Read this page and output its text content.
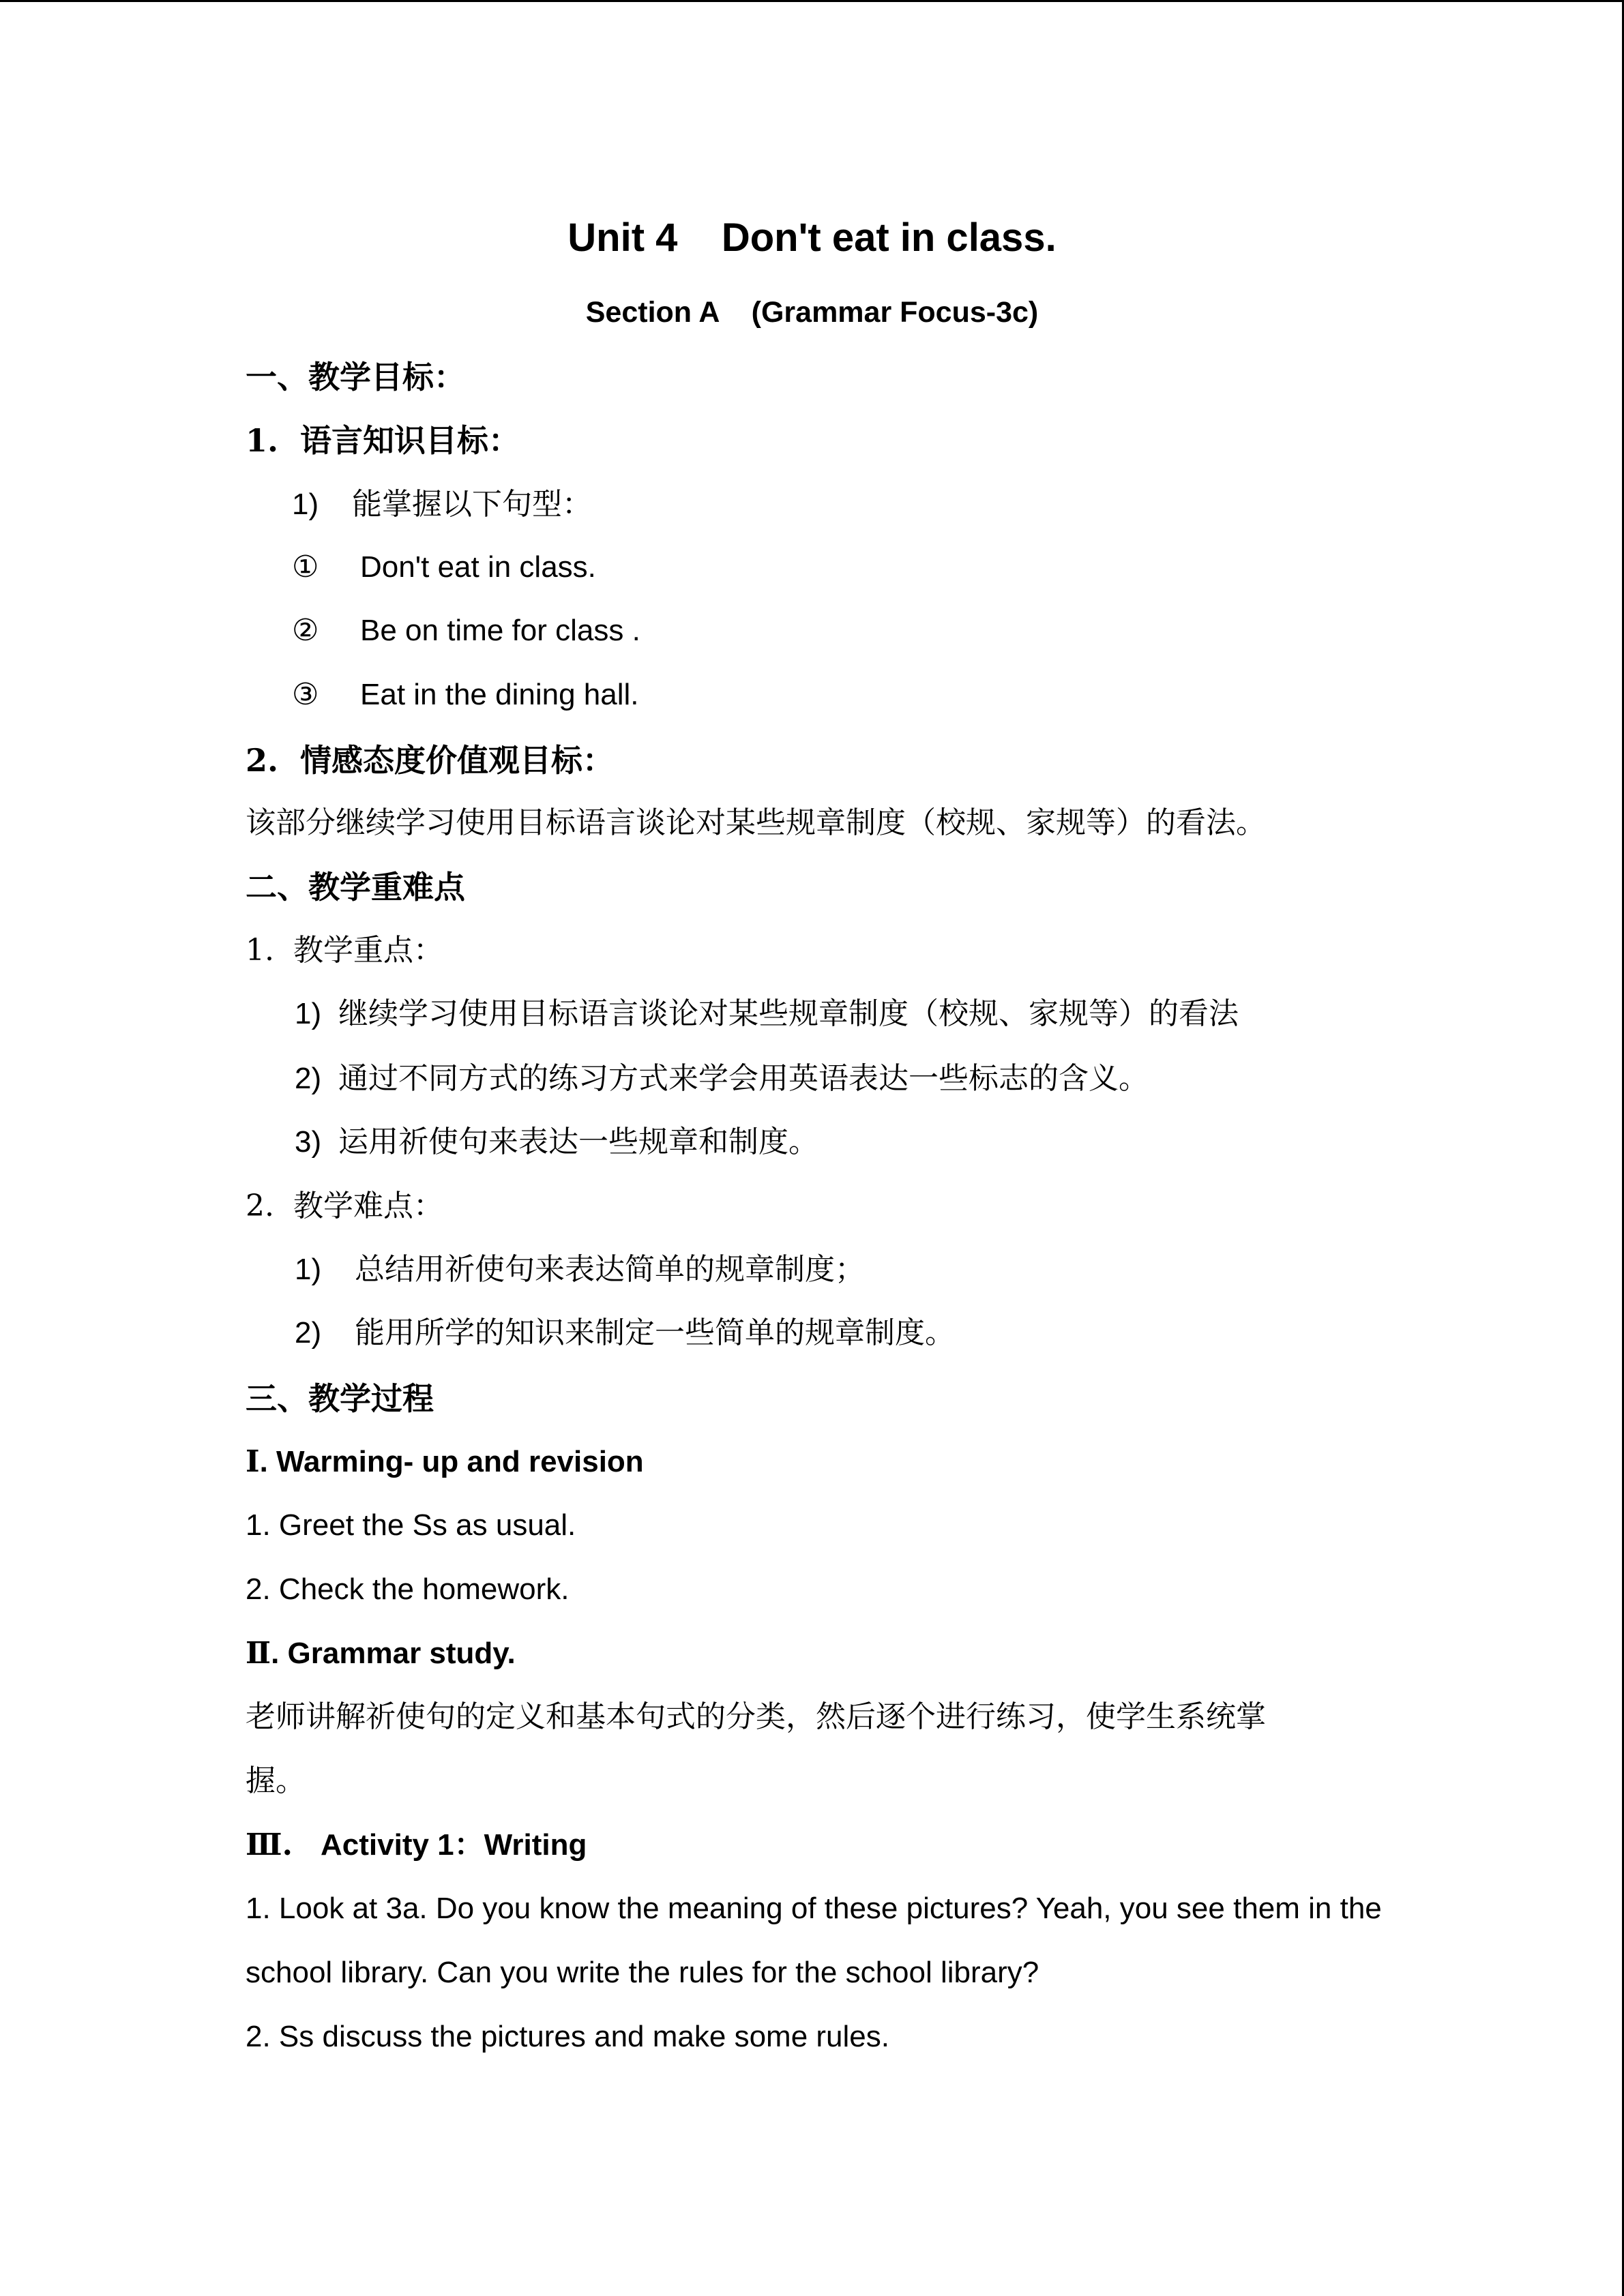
Unit 4    Don't eat in class.
Section A    (Grammar Focus-3c)
一、教学目标：
1.  语言知识目标：
1) 能掌握以下句型：
① Don't eat in class.
② Be on time for class .
③ Eat in the dining hall.
2.  情感态度价值观目标：
该部分继续学习使用目标语言谈论对某些规章制度（校规、家规等）的看法。
二、教学重难点
1.  教学重点：
1) 继续学习使用目标语言谈论对某些规章制度（校规、家规等）的看法
2) 通过不同方式的练习方式来学会用英语表达一些标志的含义。
3) 运用祈使句来表达一些规章和制度。
2.  教学难点：
1) 总结用祈使句来表达简单的规章制度；
2) 能用所学的知识来制定一些简单的规章制度。
三、教学过程
Ⅰ. Warming- up and revision
1. Greet the Ss as usual.
2. Check the homework.
Ⅱ. Grammar study.
老师讲解祈使句的定义和基本句式的分类，然后逐个进行练习，使学生系统掌
握。
Ⅲ. Activity 1：Writing
1. Look at 3a. Do you know the meaning of these pictures? Yeah, you see them in the
school library. Can you write the rules for the school library?
2. Ss discuss the pictures and make some rules.
